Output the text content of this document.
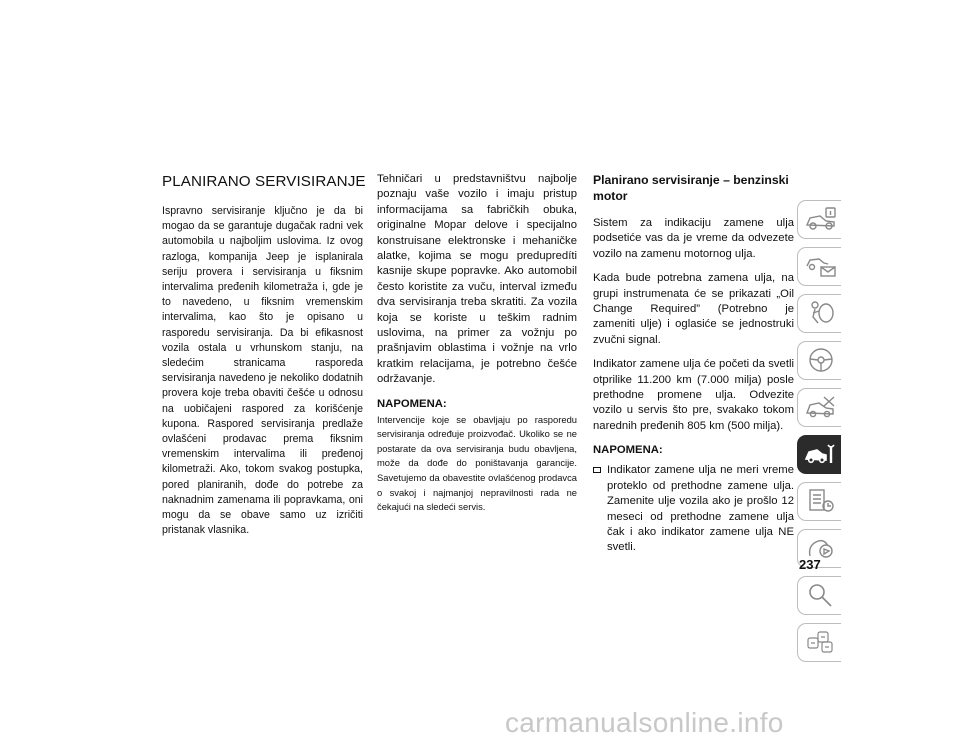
PLANIRANO SERVISIRANJE

Ispravno servisiranje ključno je da bi mogao da se garantuje dugačak radni vek automobila u najboljim uslovima. Iz ovog razloga, kompanija Jeep je isplanirala seriju provera i servisiranja u fiksnim intervalima pređenih kilometraža i, gde je to navedeno, u fiksnim vremenskim intervalima, kao što je opisano u rasporedu servisiranja. Da bi efikasnost vozila ostala u vrhunskom stanju, na sledećim stranicama rasporeda servisiranja navedeno je nekoliko dodatnih provera koje treba obaviti češće u odnosu na uobičajeni raspored za korišćenje kupona. Raspored servisiranja predlaže ovlašćeni prodavac prema fiksnim vremenskim intervalima ili pređenoj kilometraži. Ako, tokom svakog postupka, pored planiranih, dođe do potrebe za naknadnim zamenama ili popravkama, oni mogu da se obave samo uz izričiti pristanak vlasnika.

Tehničari u predstavništvu najbolje poznaju vaše vozilo i imaju pristup informacijama sa fabričkih obuka, originalne Mopar delove i specijalno konstruisane elektronske i mehaničke alatke, kojima se mogu predupredíti kasnije skupe popravke. Ako automobil često koristite za vuču, interval između dva servisiranja treba skratiti. Za vozila koja se koriste u teškim radnim uslovima, na primer za vožnju po prašnjavim oblastima i vožnje na vrlo kratkim relacijama, je potrebno češće održavanje.

NAPOMENA:

Intervencije koje se obavljaju po rasporedu servisiranja određuje proizvođač. Ukoliko se ne postarate da ova servisiranja budu obavljena, može da dođe do poništavanja garancije. Savetujemo da obavestite ovlašćenog prodavca o svakoj i najmanjoj nepravilnosti rada ne čekajući na sledeći servis.

Planirano servisiranje – benzinski motor

Sistem za indikaciju zamene ulja podsetiće vas da je vreme da odvezete vozilo na zamenu motornog ulja.

Kada bude potrebna zamena ulja, na grupi instrumenata će se prikazati „Oil Change Required” (Potrebno je zameniti ulje) i oglasiće se jednostruki zvučni signal.

Indikator zamene ulja će početi da svetli otprilike 11.200 km (7.000 milja) posle prethodne promene ulja. Odvezite vozilo u servis što pre, svakako tokom narednih pređenih 805 km (500 milja).

NAPOMENA:
Indikator zamene ulja ne meri vreme proteklo od prethodne zamene ulja. Zamenite ulje vozila ako je prošlo 12 meseci od prethodne zamene ulja čak i ako indikator zamene ulja NE svetli.
237
carmanualsonline.info
